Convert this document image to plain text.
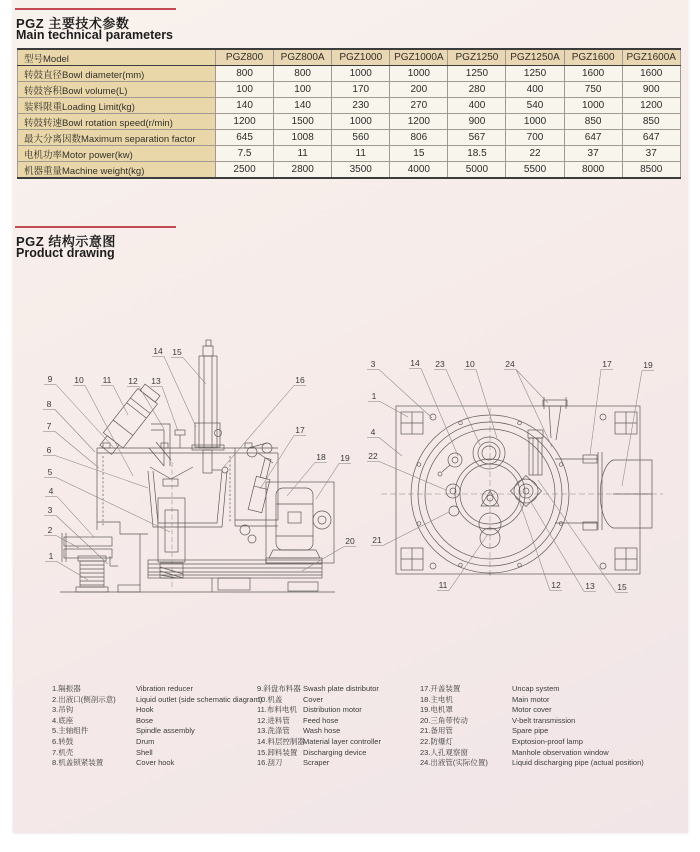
PGZ 主要技术参数
Main technical parameters
型号Model	PGZ800	PGZ800A	PGZ1000	PGZ1000A	PGZ1250	PGZ1250A	PGZ1600	PGZ1600A
转鼓直径Bowl diameter(mm)	800	800	1000	1000	1250	1250	1600	1600
转鼓容积Bowl volume(L)	100	100	170	200	280	400	750	900
装料限重Loading Limit(kg)	140	140	230	270	400	540	1000	1200
转鼓转速Bowl rotation speed(r/min)	1200	1500	1000	1200	900	1000	850	850
最大分离因数Maximum separation factor	645	1008	560	806	567	700	647	647
电机功率Motor power(kw)	7.5	11	11	15	18.5	22	37	37
机器重量Machine weight(kg)	2500	2800	3500	4000	5000	5500	8000	8500
PGZ 结构示意图
Product drawing
1
2
3
4
5
6
7
8
9	10 11 12 13
14 15
16
17
18 19
20
3	14 23 10	24	17	19
1
4
22
21
11	12	13	15
1.隔振器	Vibration reducer
2.出液口(侧剖示意)	Liquid outlet (side schematic diagram)
3.吊钩	Hook
4.底座	Bose
5.主轴组件	Spindle assembly
6.转鼓	Drum
7.机壳	Shell
8.机盖锁紧装置	Cover hook
9.斜盘布料器 Swash plate distributor
10.机盖	Cover
11.布料电机 Distribution motor
12.进料管	Feed hose
13.洗涤管	Wash hose
14.料层控制器
Material layer controller
15.卸料装置 Discharging device
16.刮刀	Scraper
17.开盖装置	Uncap system
18.主电机	Main motor
19.电机罩	Motor cover
20.三角带传动	V-belt transmission
21.备用管	Spare pipe
22.防爆灯	Exptosion-proof lamp
23.人孔观察窗	Manhole observation window
24.出液管(实际位置)	Liquid discharging pipe (actual position)
